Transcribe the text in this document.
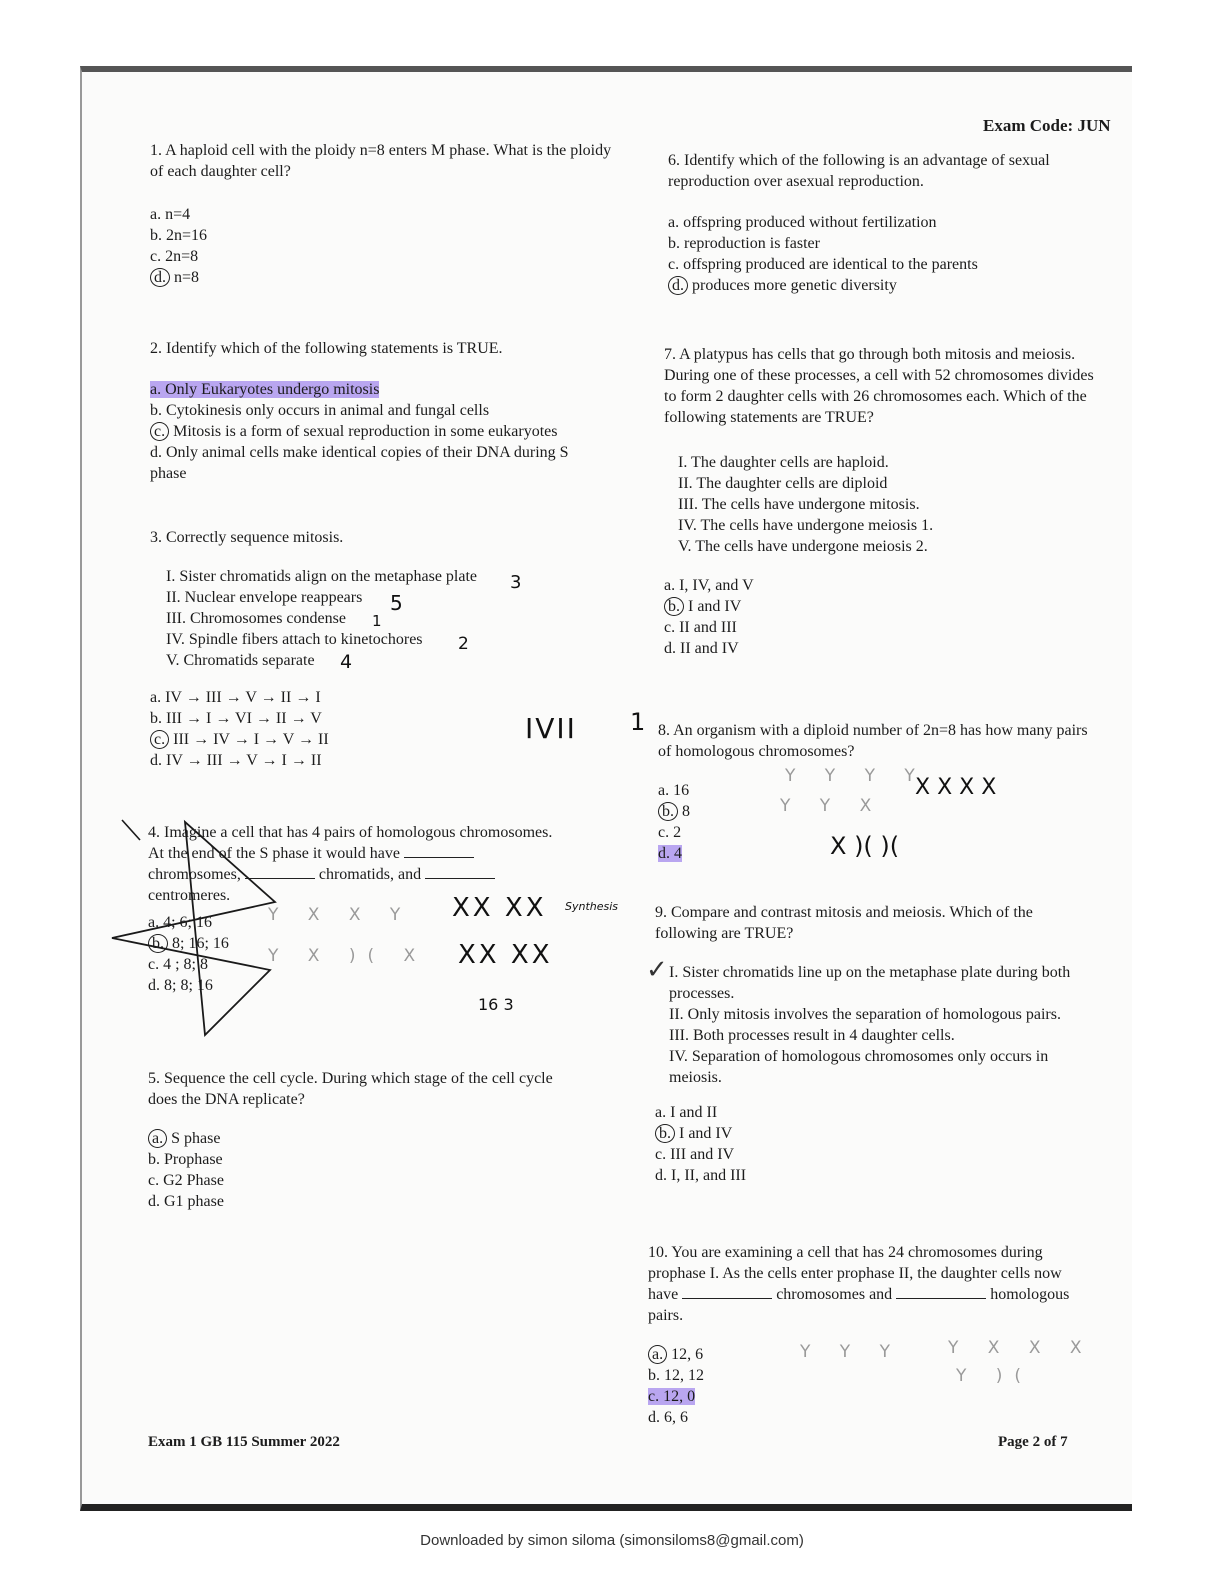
Exam Code: JUN

1. A haploid cell with the ploidy n=8 enters M phase. What is the ploidy of each daughter cell?

a. n=4
b. 2n=16
c. 2n=8
d. n=8

2. Identify which of the following statements is TRUE.

a. Only Eukaryotes undergo mitosis
b. Cytokinesis only occurs in animal and fungal cells
c. Mitosis is a form of sexual reproduction in some eukaryotes
d. Only animal cells make identical copies of their DNA during S phase

3. Correctly sequence mitosis.

I. Sister chromatids align on the metaphase plate
II. Nuclear envelope reappears
III. Chromosomes condense
IV. Spindle fibers attach to kinetochores
V. Chromatids separate
a. IV → III → V → II → I
b. III → I → VI → II → V
c. III → IV → I → V → II
d. IV → III → V → I → II
3
5
1
2
4
IVII

4. Imagine a cell that has 4 pairs of homologous chromosomes. At the end of the S phase it would have  chromosomes,	chromatids, and  centromeres.

a. 4; 6; 16
b. 8; 16; 16
c. 4 ; 8; 8
d. 8; 8; 16
Y X X Y
Y X )( X
XX XX Synthesis
XX XX
16 3

5. Sequence the cell cycle. During which stage of the cell cycle does the DNA replicate?

a. S phase
b. Prophase
c. G2 Phase
d. G1 phase

6. Identify which of the following is an advantage of sexual reproduction over asexual reproduction.

a. offspring produced without fertilization
b. reproduction is faster
c. offspring produced are identical to the parents
d. produces more genetic diversity

7. A platypus has cells that go through both mitosis and meiosis. During one of these processes, a cell with 52 chromosomes divides to form 2 daughter cells with 26 chromosomes each. Which of the following statements are TRUE?

I. The daughter cells are haploid.
II. The daughter cells are diploid
III. The cells have undergone mitosis.
IV. The cells have undergone meiosis 1.
V. The cells have undergone meiosis 2.
a. I, IV, and V
b. I and IV
c. II and III
d. II and IV
1 8. An organism with a diploid number of 2n=8 has how many pairs of homologous chromosomes?

a. 16
b. 8
c. 2
d. 4
Y Y Y Y
Y Y X
Ⅹ Ⅹ Ⅹ Ⅹ
X )( )(

9. Compare and contrast mitosis and meiosis. Which of the following are TRUE?

I. Sister chromatids line up on the metaphase plate during both processes.
II. Only mitosis involves the separation of homologous pairs.
III. Both processes result in 4 daughter cells.
IV. Separation of homologous chromosomes only occurs in meiosis.
a. I and II
b. I and IV
c. III and IV
d. I, II, and III
✓

10. You are examining a cell that has 24 chromosomes during prophase I. As the cells enter prophase II, the daughter cells now have	chromosomes and	homologous pairs.

a. 12, 6
b. 12, 12
c. 12, 0
d. 6, 6
Y Y Y	Y X X X
Y )(
Exam 1 GB 115 Summer 2022	Page 2 of 7
Downloaded by simon siloma (simonsiloms8@gmail.com)
